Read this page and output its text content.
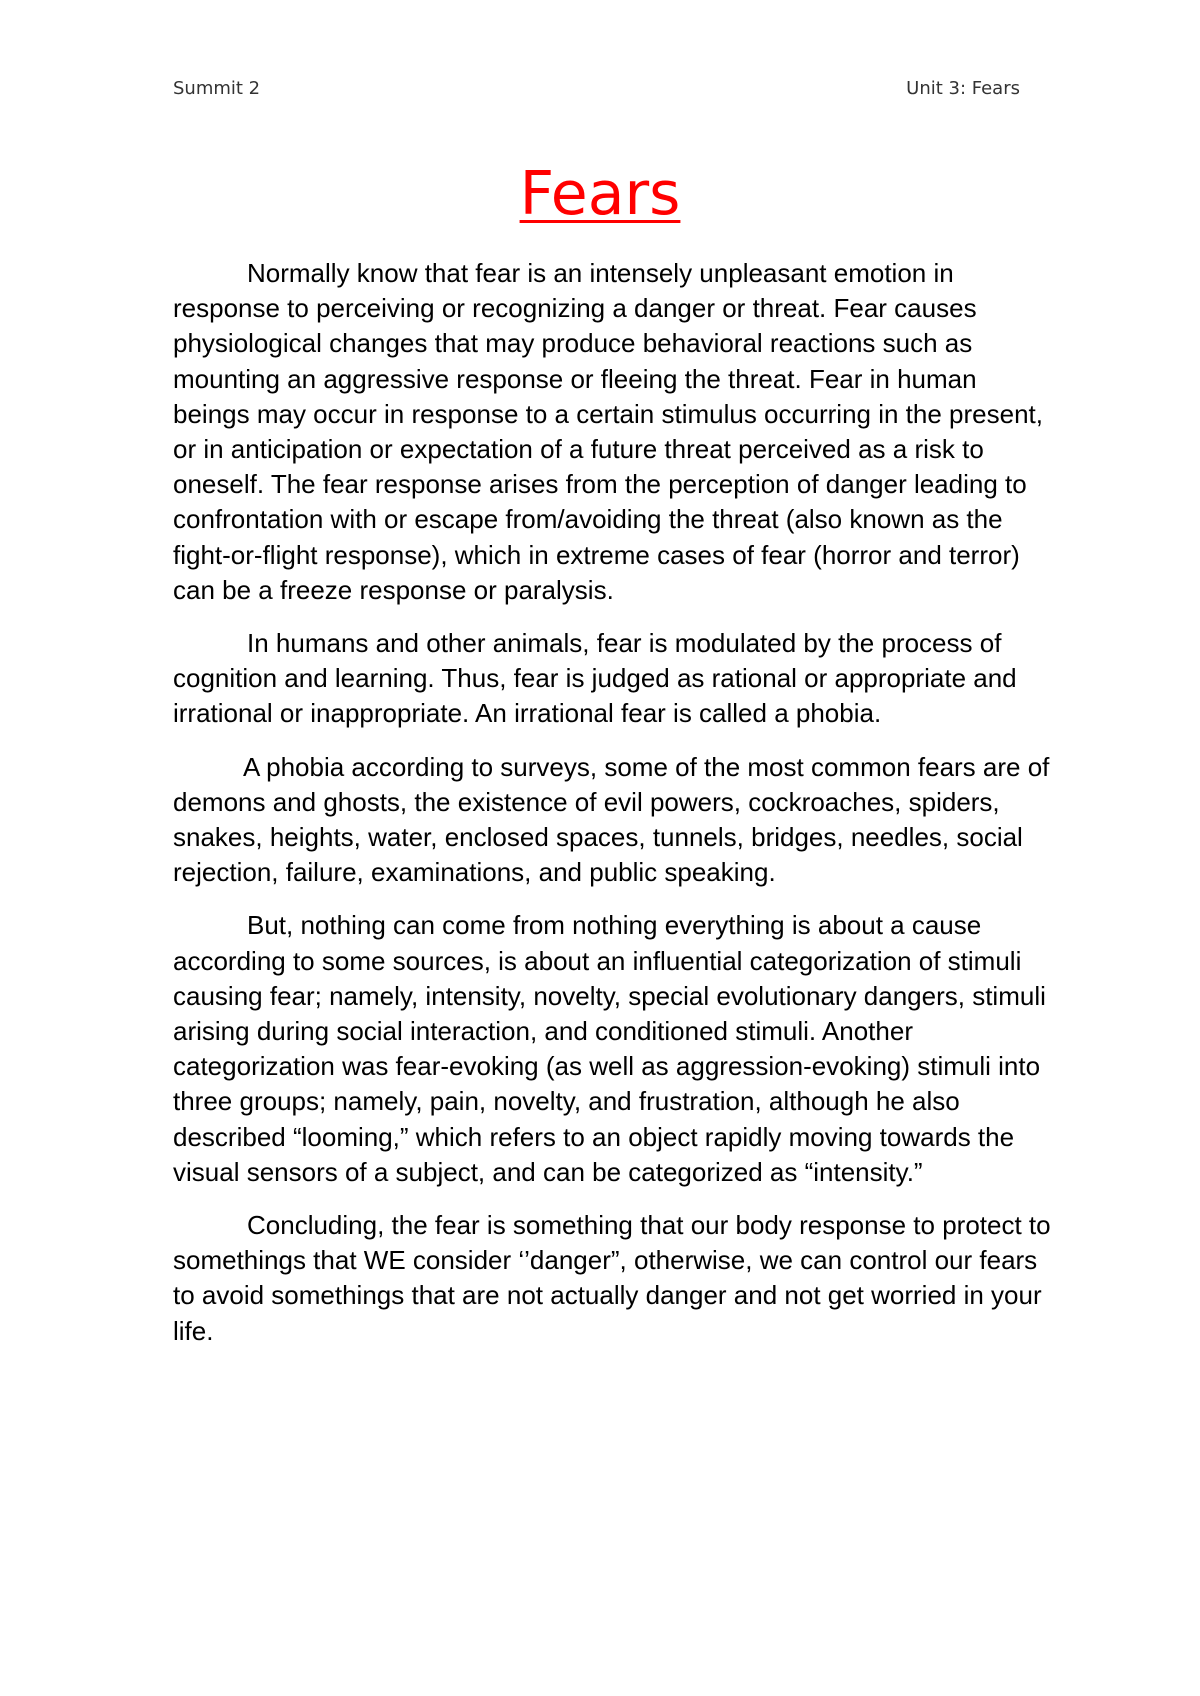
Summit 2	Unit 3: Fears
Fears

Normally know that fear is an intensely unpleasant emotion in response to perceiving or recognizing a danger or threat. Fear causes physiological changes that may produce behavioral reactions such as mounting an aggressive response or fleeing the threat. Fear in human beings may occur in response to a certain stimulus occurring in the present, or in anticipation or expectation of a future threat perceived as a risk to oneself. The fear response arises from the perception of danger leading to confrontation with or escape from/avoiding the threat (also known as the fight-or-flight response), which in extreme cases of fear (horror and terror) can be a freeze response or paralysis.

In humans and other animals, fear is modulated by the process of cognition and learning. Thus, fear is judged as rational or appropriate and irrational or inappropriate. An irrational fear is called a phobia.

A phobia according to surveys, some of the most common fears are of demons and ghosts, the existence of evil powers, cockroaches, spiders, snakes, heights, water, enclosed spaces, tunnels, bridges, needles, social rejection, failure, examinations, and public speaking.

But, nothing can come from nothing everything is about a cause according to some sources, is about an influential categorization of stimuli causing fear; namely, intensity, novelty, special evolutionary dangers, stimuli arising during social interaction, and conditioned stimuli. Another categorization was fear-evoking (as well as aggression-evoking) stimuli into three groups; namely, pain, novelty, and frustration, although he also described “looming,” which refers to an object rapidly moving towards the visual sensors of a subject, and can be categorized as “intensity.”

Concluding, the fear is something that our body response to protect to somethings that WE consider ‘’danger”, otherwise, we can control our fears to avoid somethings that are not actually danger and not get worried in your life.
